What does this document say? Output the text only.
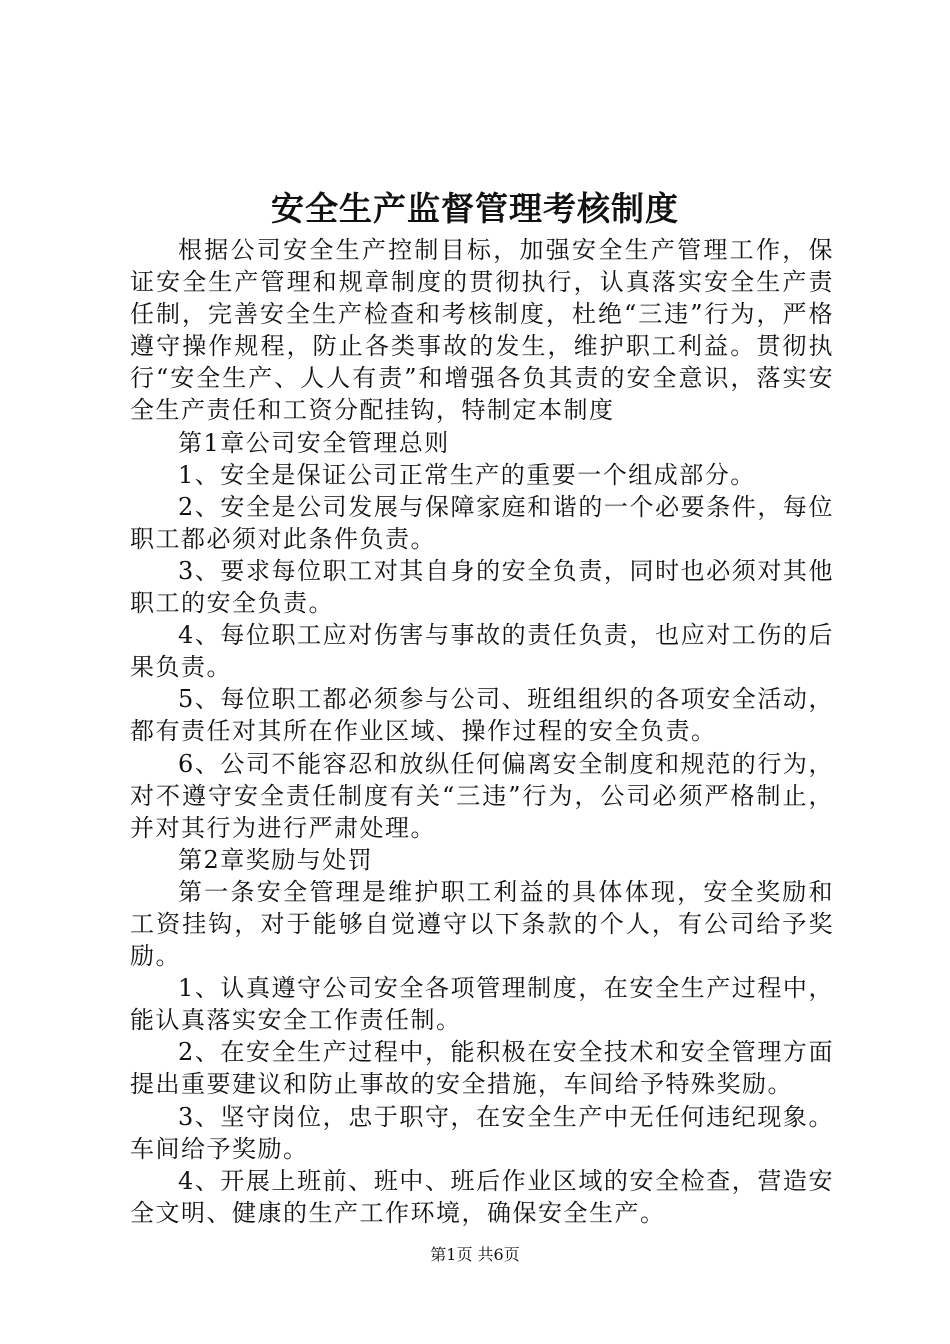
安全生产监督管理考核制度

根据公司安全生产控制目标，加强安全生产管理工作，保证安全生产管理和规章制度的贯彻执行，认真落实安全生产责任制，完善安全生产检查和考核制度，杜绝“三违”行为，严格遵守操作规程，防止各类事故的发生，维护职工利益。贯彻执行“安全生产、人人有责”和增强各负其责的安全意识，落实安全生产责任和工资分配挂钩，特制定本制度

第1章公司安全管理总则

1、安全是保证公司正常生产的重要一个组成部分。

2、安全是公司发展与保障家庭和谐的一个必要条件，每位职工都必须对此条件负责。

3、要求每位职工对其自身的安全负责，同时也必须对其他职工的安全负责。

4、每位职工应对伤害与事故的责任负责，也应对工伤的后果负责。

5、每位职工都必须参与公司、班组组织的各项安全活动，都有责任对其所在作业区域、操作过程的安全负责。

6、公司不能容忍和放纵任何偏离安全制度和规范的行为，对不遵守安全责任制度有关“三违”行为，公司必须严格制止，并对其行为进行严肃处理。

第2章奖励与处罚

第一条安全管理是维护职工利益的具体体现，安全奖励和工资挂钩，对于能够自觉遵守以下条款的个人，有公司给予奖励。

1、认真遵守公司安全各项管理制度，在安全生产过程中，能认真落实安全工作责任制。

2、在安全生产过程中，能积极在安全技术和安全管理方面提出重要建议和防止事故的安全措施，车间给予特殊奖励。

3、坚守岗位，忠于职守，在安全生产中无任何违纪现象。车间给予奖励。

4、开展上班前、班中、班后作业区域的安全检查，营造安全文明、健康的生产工作环境，确保安全生产。

第1页 共6页
